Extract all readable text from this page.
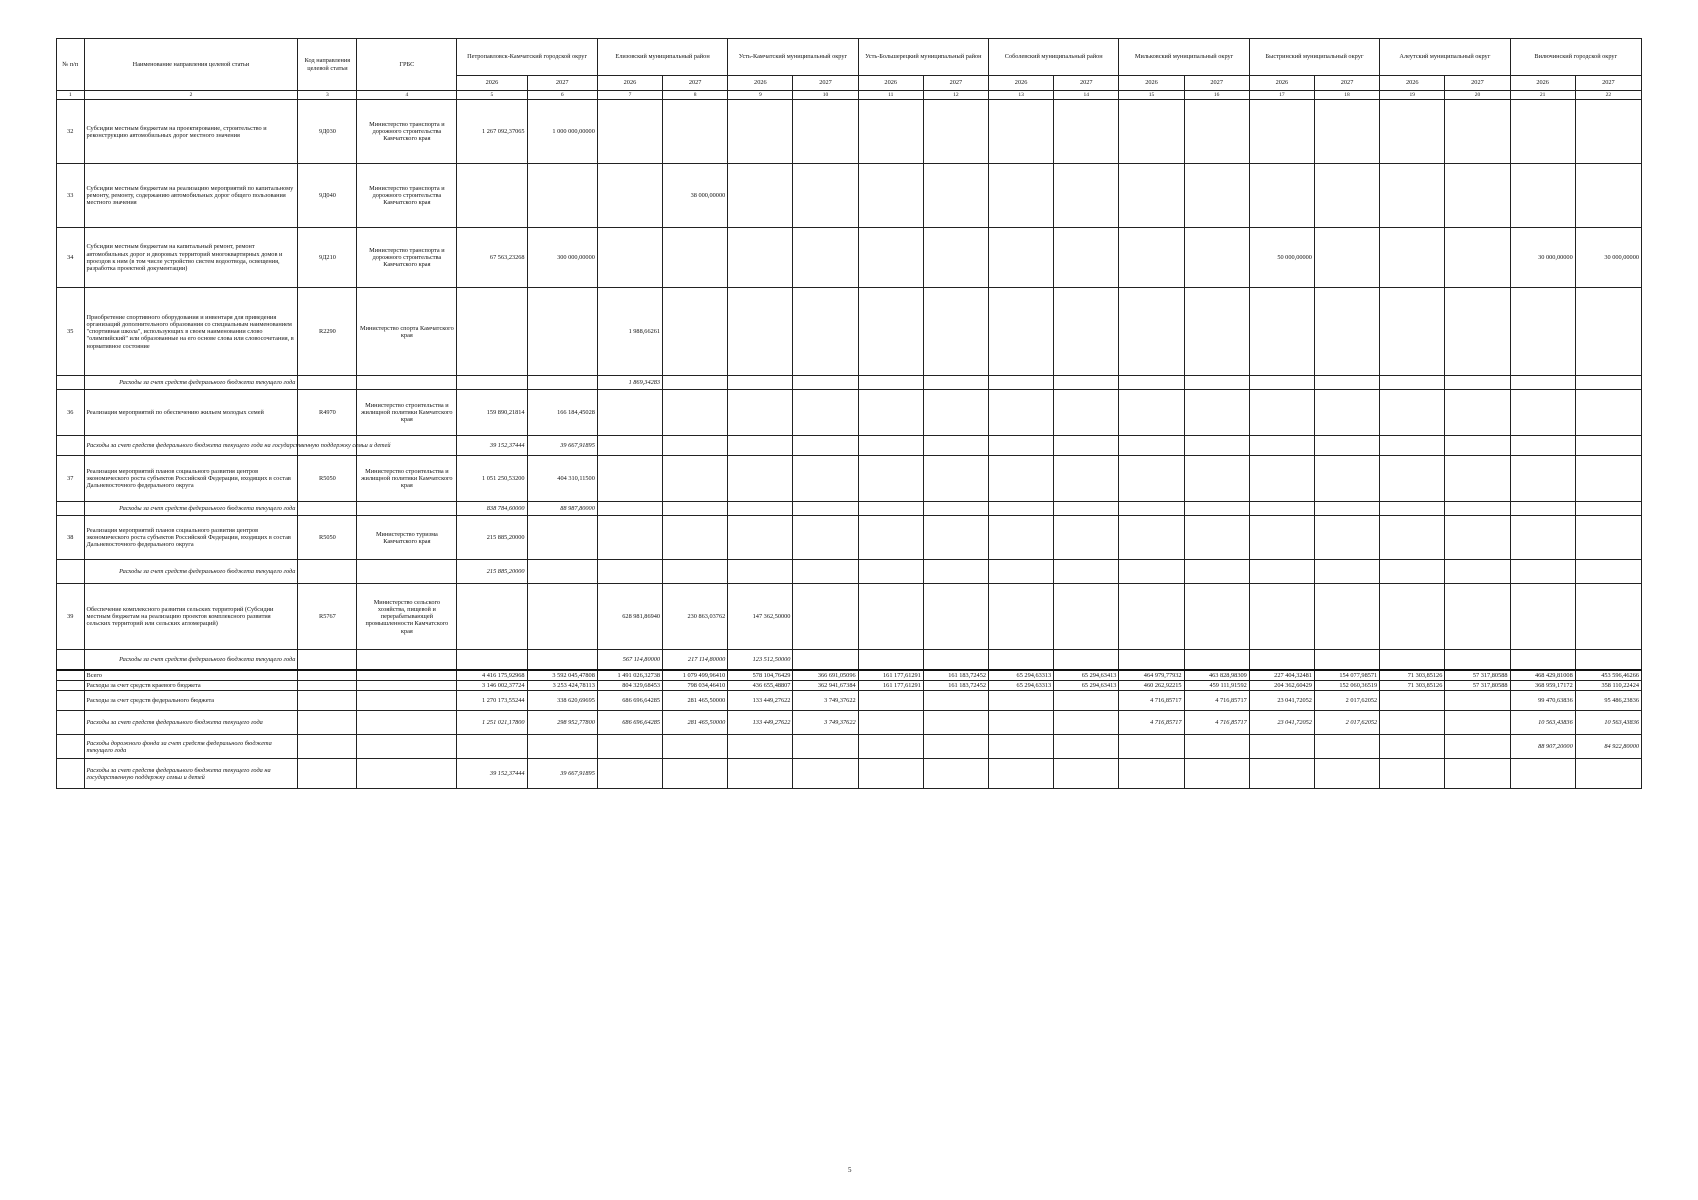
№ п/п	Наименование направления целевой статьи	Код направления целевой статьи	ГРБС	Петропавловск-Камчатский городской округ		Елизовский муниципальный район		Усть-Камчатский муниципальный округ		Усть-Большерецкий муниципальный район		Соболевский муниципальный район		Мильковский муниципальный округ		Быстринский муниципальный округ		Алеутский муниципальный округ		Вилючинский городской округ	
				2026	2027	2026	2027	2026	2027	2026	2027	2026	2027	2026	2027	2026	2027	2026	2027	2026	2027
1	2	3	4	5	6	7	8	9	10	11	12	13	14	15	16	17	18	19	20	21	22
32	Субсидии местным бюджетам на проектирование, строительство и реконструкцию автомобильных дорог местного значения	9Д030	Министерство транспорта и дорожного строительства Камчатского края	1 267 092,37065	1 000 000,00000																
33	Субсидии местным бюджетам на реализацию мероприятий по капитальному ремонту, ремонту, содержанию автомобильных дорог общего пользования местного значения	9Д040	Министерство транспорта и дорожного строительства Камчатского края				38 000,00000														
34	Субсидии местным бюджетам на капитальный ремонт, ремонт автомобильных дорог и дворовых территорий многоквартирных домов и проездов к ним (в том числе устройство систем водоотвода, освещения, разработка проектной документации)	9Д210	Министерство транспорта и дорожного строительства Камчатского края	67 563,23268	300 000,00000											50 000,00000				30 000,00000	30 000,00000
35	Приобретение спортивного оборудования и инвентаря для приведения организаций дополнительного образования со специальным наименованием "спортивная школа", использующих в своем наименовании слово "олимпийский" или образованные на его основе слова или словосочетания, в нормативное состояние	R2290	Министерство спорта Камчатского края			1 988,66261															
	Расходы за счет средств федерального бюджета текущего года					1 869,34283															
36	Реализация мероприятий по обеспечению жильем молодых семей	R4970	Министерство строительства и жилищной политики Камчатского края	159 890,21814	166 184,45028																
	Расходы за счет средств федерального бюджета текущего года на государственную поддержку семьи и детей			39 152,37444	39 667,91895																
37	Реализация мероприятий планов социального развития центров экономического роста субъектов Российской Федерации, входящих в состав Дальневосточного федерального округа	R5050	Министерство строительства и жилищной политики Камчатского края	1 051 250,53200	404 310,11500																
	Расходы за счет средств федерального бюджета текущего года			838 784,60000	88 987,80000																
38	Реализация мероприятий планов социального развития центров экономического роста субъектов Российской Федерации, входящих в состав Дальневосточного федерального округа	R5050	Министерство туризма Камчатского края	215 885,20000																	
	Расходы за счет средств федерального бюджета текущего года			215 885,20000																	
39	Обеспечение комплексного развития сельских территорий (Субсидии местным бюджетам на реализацию проектов комплексного развития сельских территорий или сельских агломераций)	R5767	Министерство сельского хозяйства, пищевой и перерабатывающей промышленности Камчатского края			628 981,86940	230 863,03762	147 362,50000													
	Расходы за счет средств федерального бюджета текущего года					567 114,80000	217 114,80000	123 512,50000													
	Всего			4 416 175,92968	3 592 045,47808	1 491 026,32738	1 079 499,96410	578 104,76429	366 691,05096	161 177,61291	161 183,72452	65 294,63313	65 294,63413	464 979,77932	463 828,98309	227 404,32481	154 077,98571	71 303,85126	57 317,80588	468 429,81008	453 596,46266
	Расходы за счет средств краевого бюджета			3 146 002,37724	3 253 424,78113	804 329,68453	798 034,46410	436 655,48807	362 941,67384	161 177,61291	161 183,72452	65 294,63313	65 294,63413	460 262,92215	459 111,91592	204 362,60429	152 060,36519	71 303,85126	57 317,80588	368 959,17172	358 110,22424
	Расходы за счет средств федерального бюджета			1 270 173,55244	338 620,69695	686 696,64285	281 465,50000	133 449,27622	3 749,37622					4 716,85717	4 716,85717	23 041,72052	2 017,62052			99 470,63836	95 486,23836
	Расходы за счет средств федерального бюджета текущего года			1 251 021,17800	298 952,77800	686 696,64285	281 465,50000	133 449,27622	3 749,37622					4 716,85717	4 716,85717	23 041,72052	2 017,62052			10 563,43836	10 563,43836
	Расходы дорожного фонда за счет средств федерального бюджета текущего года																			88 907,20000	84 922,80000
	Расходы за счет средств федерального бюджета текущего года на государственную поддержку семьи и детей			39 152,37444	39 667,91895																
5
